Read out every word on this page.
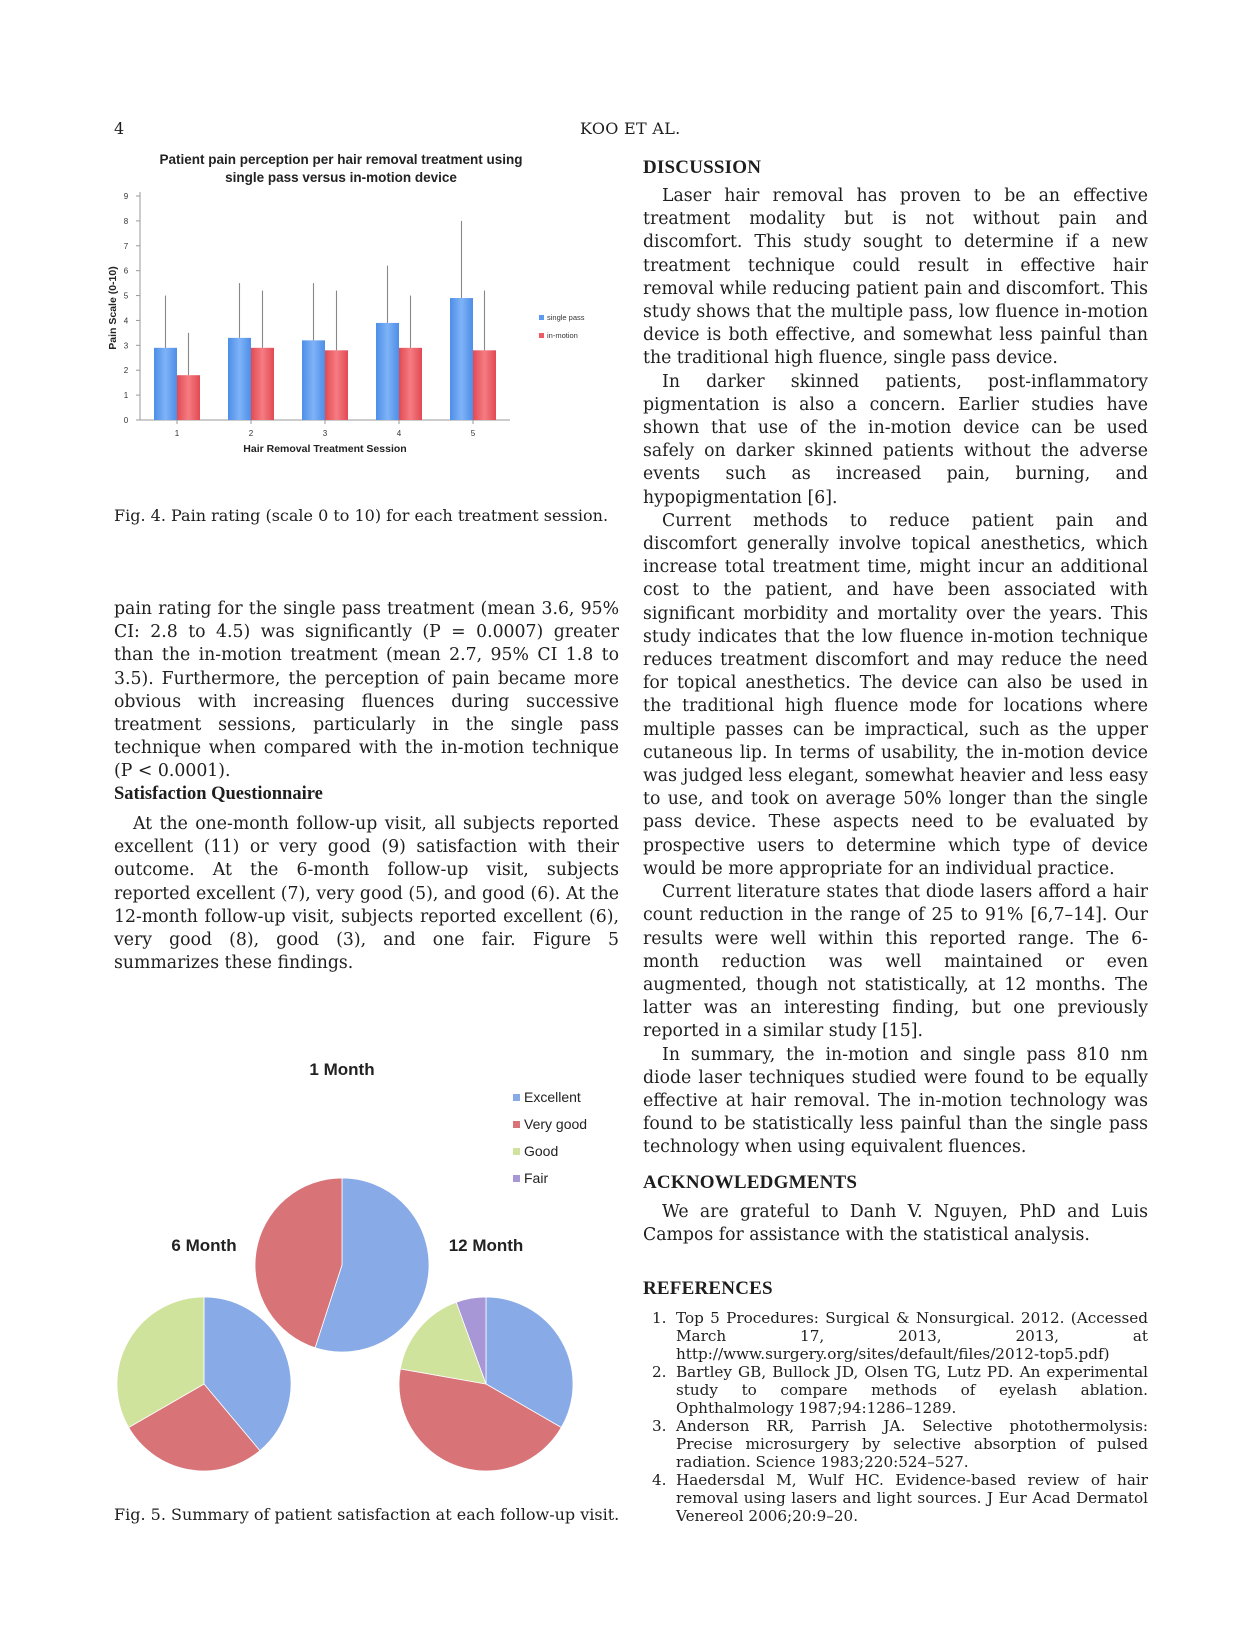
4	KOO ET AL.
Patient pain perception per hair removal treatment using
single pass versus in-motion device
0
1
2
3
4
5
6
7
8
9
Pain Scale (0-10)
Hair Removal Treatment Session
1	2	3	4	5
single pass
in-motion
Fig. 4. Pain rating (scale 0 to 10) for each treatment session.

pain rating for the single pass treatment (mean 3.6, 95% CI: 2.8 to 4.5) was significantly (P = 0.0007) greater than the in-motion treatment (mean 2.7, 95% CI 1.8 to 3.5). Furthermore, the perception of pain became more obvious with increasing fluences during successive treatment sessions, particularly in the single pass technique when compared with the in-motion technique (P < 0.0001).

Satisfaction Questionnaire

At the one-month follow-up visit, all subjects reported excellent (11) or very good (9) satisfaction with their outcome. At the 6-month follow-up visit, subjects reported excellent (7), very good (5), and good (6). At the 12-month follow-up visit, subjects reported excellent (6), very good (8), good (3), and one fair. Figure 5 summarizes these findings.

1 Month
6 Month	12 Month
Excellent
Very good
Good
Fair
Fig. 5. Summary of patient satisfaction at each follow-up visit.
DISCUSSION

Laser hair removal has proven to be an effective treatment modality but is not without pain and discomfort. This study sought to determine if a new treatment technique could result in effective hair removal while reducing patient pain and discomfort. This study shows that the multiple pass, low fluence in-motion device is both effective, and somewhat less painful than the traditional high fluence, single pass device.

In darker skinned patients, post-inflammatory pigmentation is also a concern. Earlier studies have shown that use of the in-motion device can be used safely on darker skinned patients without the adverse events such as increased pain, burning, and hypopigmentation [6].

Current methods to reduce patient pain and discomfort generally involve topical anesthetics, which increase total treatment time, might incur an additional cost to the patient, and have been associated with significant morbidity and mortality over the years. This study indicates that the low fluence in-motion technique reduces treatment discomfort and may reduce the need for topical anesthetics. The device can also be used in the traditional high fluence mode for locations where multiple passes can be impractical, such as the upper cutaneous lip. In terms of usability, the in-motion device was judged less elegant, somewhat heavier and less easy to use, and took on average 50% longer than the single pass device. These aspects need to be evaluated by prospective users to determine which type of device would be more appropriate for an individual practice.

Current literature states that diode lasers afford a hair count reduction in the range of 25 to 91% [6,7–14]. Our results were well within this reported range. The 6-month reduction was well maintained or even augmented, though not statistically, at 12 months. The latter was an interesting finding, but one previously reported in a similar study [15].

In summary, the in-motion and single pass 810 nm diode laser techniques studied were found to be equally effective at hair removal. The in-motion technology was found to be statistically less painful than the single pass technology when using equivalent fluences.

ACKNOWLEDGMENTS

We are grateful to Danh V. Nguyen, PhD and Luis Campos for assistance with the statistical analysis.

REFERENCES
1. Top 5 Procedures: Surgical & Nonsurgical. 2012. (Accessed March 17, 2013, 2013, at http://www.surgery.org/sites/default/files/2012-top5.pdf)
2. Bartley GB, Bullock JD, Olsen TG, Lutz PD. An experimental study to compare methods of eyelash ablation. Ophthalmology 1987;94:1286–1289.
3. Anderson RR, Parrish JA. Selective photothermolysis: Precise microsurgery by selective absorption of pulsed radiation. Science 1983;220:524–527.
4. Haedersdal M, Wulf HC. Evidence-based review of hair removal using lasers and light sources. J Eur Acad Dermatol Venereol 2006;20:9–20.
